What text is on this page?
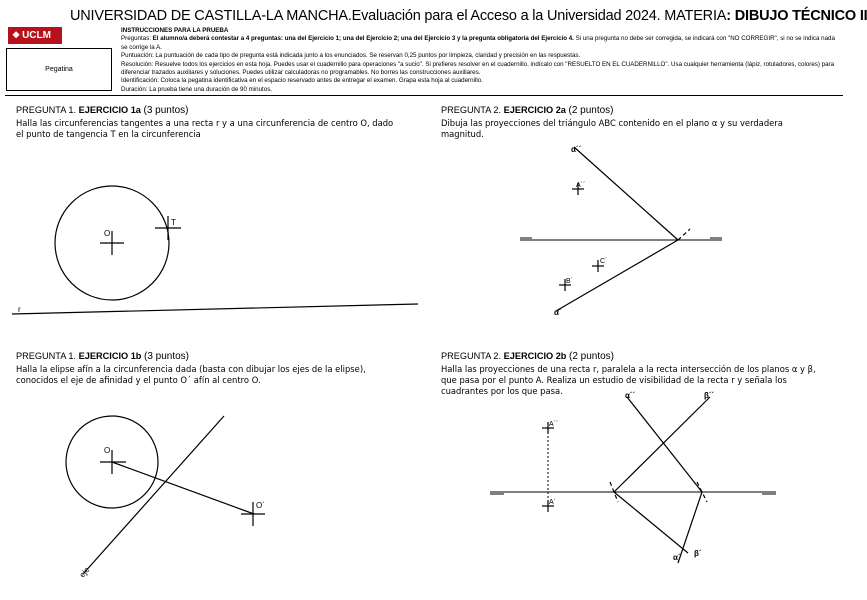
❖ UCLM
UNIVERSIDAD DE CASTILLA-LA MANCHA.Evaluación para el Acceso a la Universidad 2024. MATERIA: DIBUJO TÉCNICO II

INSTRUCCIONES PARA LA PRUEBA

Preguntas: El alumno/a deberá contestar a 4 preguntas: una del Ejercicio 1; una del Ejercicio 2; una del Ejercicio 3 y la pregunta obligatoria del Ejercicio 4. Si una pregunta no debe ser corregida, se indicará con "NO CORREGIR", si no se indica nada se corrige la A.

Puntuación: La puntuación de cada tipo de pregunta está indicada junto a los enunciados. Se reservan 0,25 puntos por limpieza, claridad y precisión en las respuestas.

Resolución: Resuelve todos los ejercicios en esta hoja. Puedes usar el cuadernillo para operaciones "a sucio". Si prefieres resolver en el cuadernillo, indícalo con "RESUELTO EN EL CUADERNILLO". Usa cualquier herramienta (lápiz, rotuladores, colores) para diferenciar trazados auxiliares y soluciones. Puedes utilizar calculadoras no programables. No borres las construcciones auxiliares.

Identificación: Coloca la pegatina identificativa en el espacio reservado antes de entregar el examen. Grapa esta hoja al cuadernillo.

Duración: La prueba tiene una duración de 90 minutos.

Pegatina
PREGUNTA 1. EJERCICIO 1a (3 puntos)
Halla las circunferencias tangentes a una recta r y a una circunferencia de centro O, dado el punto de tangencia T en la circunferencia
PREGUNTA 2. EJERCICIO 2a (2 puntos)
Dibuja las proyecciones del triángulo ABC contenido en el plano α y su verdadera magnitud.
PREGUNTA 1. EJERCICIO 1b (3 puntos)
Halla la elipse afín a la circunferencia dada (basta con dibujar los ejes de la elipse), conocidos el eje de afinidad y el punto O´ afín al centro O.
PREGUNTA 2. EJERCICIO 2b (2 puntos)
Halla las proyecciones de una recta r, paralela a la recta intersección de los planos α y β, que pasa por el punto A. Realiza un estudio de visibilidad de la recta r y señala los cuadrantes por los que pasa.
O
T
r
α´´
A´´
C´
B´
α´
O
O´
eje
A´´
A´
α´´	β´´
α´ β´
